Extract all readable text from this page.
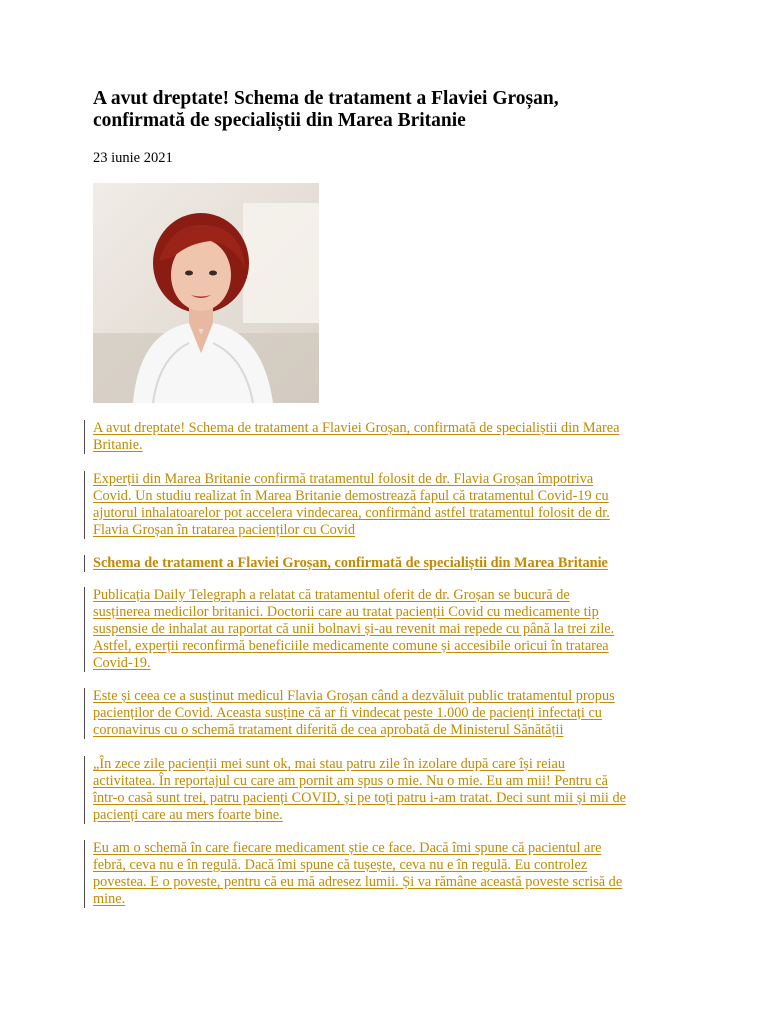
A avut dreptate! Schema de tratament a Flaviei Groșan,
confirmată de specialiștii din Marea Britanie

23 iunie 2021

A avut dreptate! Schema de tratament a Flaviei Groșan, confirmată de specialiștii din Marea
Britanie.
Experții din Marea Britanie confirmă tratamentul folosit de dr. Flavia Groșan împotriva
Covid. Un studiu realizat în Marea Britanie demostrează fapul că tratamentul Covid-19 cu
ajutorul inhalatoarelor pot accelera vindecarea, confirmând astfel tratamentul folosit de dr.
Flavia Groșan în tratarea pacienților cu Covid
Schema de tratament a Flaviei Groșan, confirmată de specialiștii din Marea Britanie
Publicația Daily Telegraph a relatat că tratamentul oferit de dr. Groșan se bucură de
susținerea medicilor britanici. Doctorii care au tratat pacienții Covid cu medicamente tip
suspensie de inhalat au raportat că unii bolnavi și-au revenit mai repede cu până la trei zile.
Astfel, experții reconfirmă beneficiile medicamente comune și accesibile oricui în tratarea
Covid-19.
Este și ceea ce a susținut medicul Flavia Groșan când a dezvăluit public tratamentul propus
pacienților de Covid. Aceasta susține că ar fi vindecat peste 1.000 de pacienți infectați cu
coronavirus cu o schemă tratament diferită de cea aprobată de Ministerul Sănătății
„În zece zile pacienții mei sunt ok, mai stau patru zile în izolare după care își reiau
activitatea. În reportajul cu care am pornit am spus o mie. Nu o mie. Eu am mii! Pentru că
într-o casă sunt trei, patru pacienți COVID, și pe toți patru i-am tratat. Deci sunt mii și mii de
pacienți care au mers foarte bine.
Eu am o schemă în care fiecare medicament știe ce face. Dacă îmi spune că pacientul are
febră, ceva nu e în regulă. Dacă îmi spune că tușește, ceva nu e în regulă. Eu controlez
povestea. E o poveste, pentru că eu mă adresez lumii. Și va rămâne această poveste scrisă de
mine.
